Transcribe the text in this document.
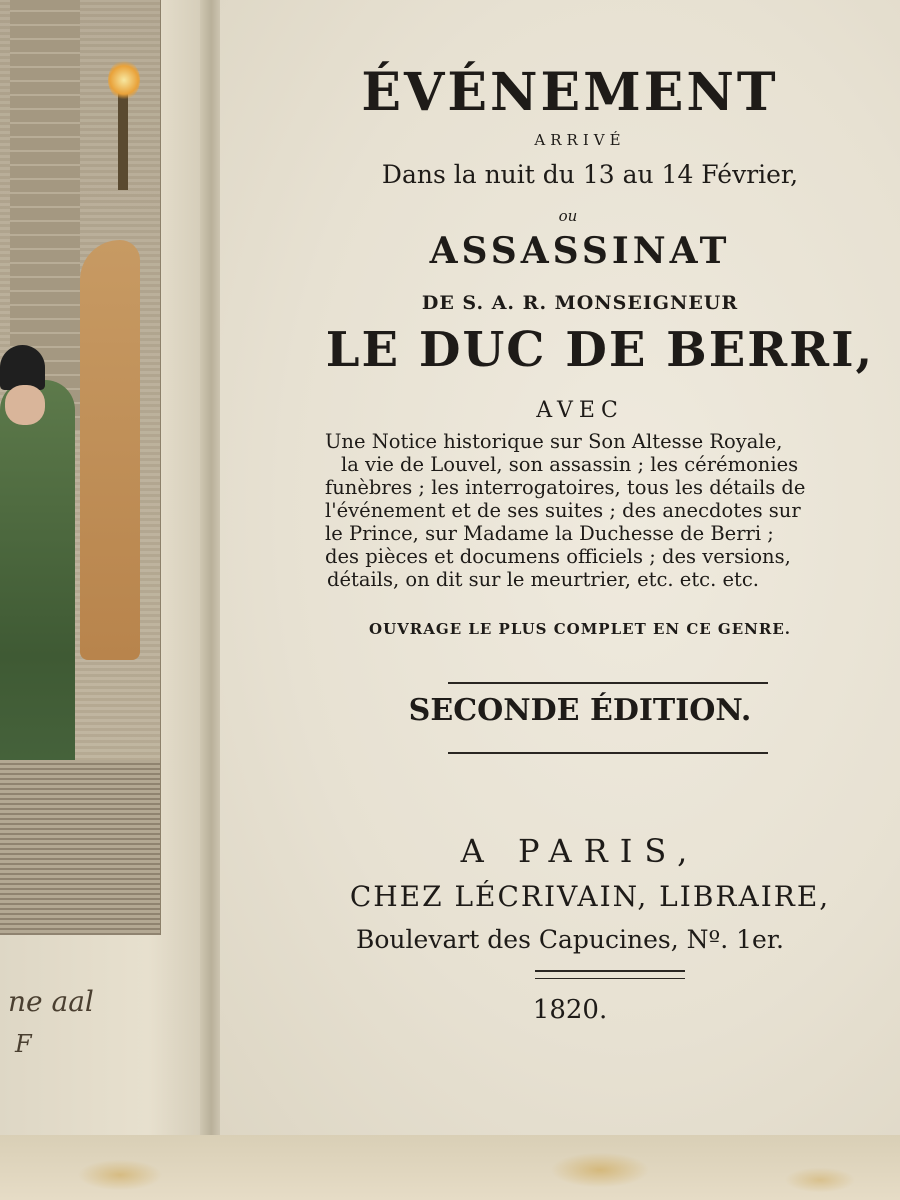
ne aal
F

ÉVÉNEMENT

ARRIVÉ

Dans la nuit du 13 au 14 Février,

ou

ASSASSINAT

DE S. A. R. MONSEIGNEUR

LE DUC DE BERRI,

AVEC

Une Notice historique sur Son Altesse Royale,
la vie de Louvel, son assassin ; les cérémonies
funèbres ; les interrogatoires, tous les détails de
l'événement et de ses suites ; des anecdotes sur
le Prince, sur Madame la Duchesse de Berri ;
des pièces et documens officiels ; des versions,
détails, on dit sur le meurtrier, etc. etc. etc.

OUVRAGE LE PLUS COMPLET EN CE GENRE.

SECONDE ÉDITION.

A PARIS,

CHEZ LÉCRIVAIN, LIBRAIRE,

Boulevart des Capucines, Nº. 1er.

1820.
